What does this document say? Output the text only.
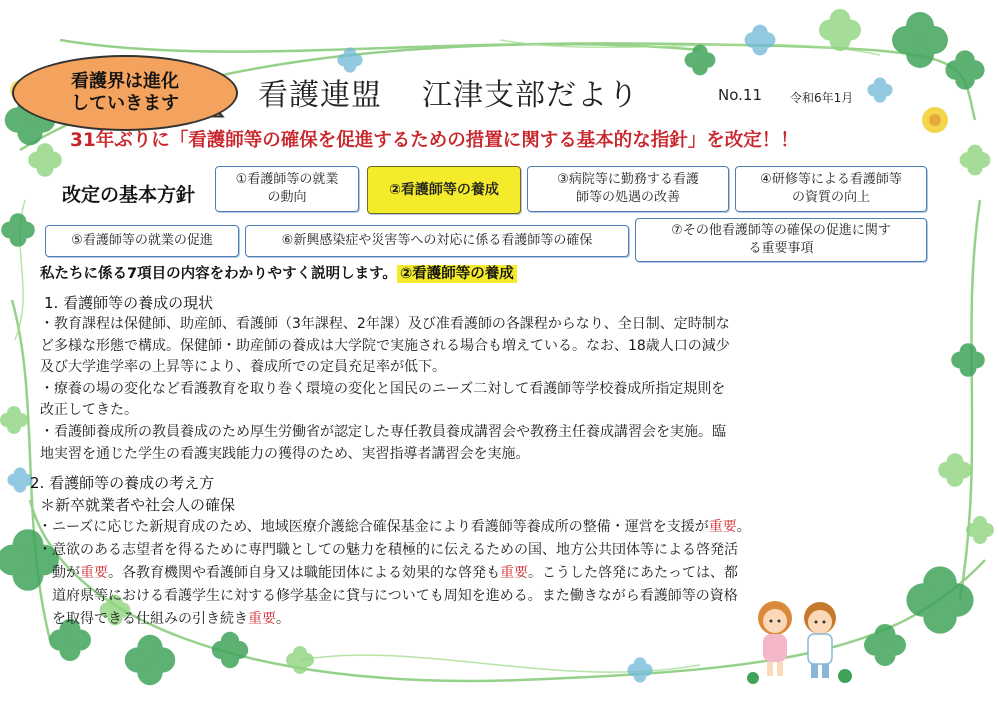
看護界は進化
していきます	看護連盟 江津支部だより	No.11 令和6年1月
31年ぶりに「看護師等の確保を促進するための措置に関する基本的な指針」を改定！！
改定の基本方針
①看護師等の就業
の動向	②看護師等の養成
③病院等に勤務する看護
師等の処遇の改善
④研修等による看護師等
の資質の向上
⑤看護師等の就業の促進	⑥新興感染症や災害等への対応に係る看護師等の確保
⑦その他看護師等の確保の促進に関す
る重要事項
私たちに係る7項目の内容をわかりやすく説明します。 ②看護師等の養成
1. 看護師等の養成の現状
・教育課程は保健師、助産師、看護師（3年課程、2年課）及び准看護師の各課程からなり、全日制、定時制な
ど多様な形態で構成。保健師・助産師の養成は大学院で実施される場合も増えている。なお、18歳人口の減少
及び大学進学率の上昇等により、養成所での定員充足率が低下。
・療養の場の変化など看護教育を取り巻く環境の変化と国民のニーズ二対して看護師等学校養成所指定規則を
改正してきた。
・看護師養成所の教員養成のため厚生労働省が認定した専任教員養成講習会や教務主任養成講習会を実施。臨
地実習を通じた学生の看護実践能力の獲得のため、実習指導者講習会を実施。
2. 看護師等の養成の考え方
＊新卒就業者や社会人の確保
・ニーズに応じた新規育成のため、地域医療介護総合確保基金により看護師等養成所の整備・運営を支援が重要。
・意欲のある志望者を得るために専門職としての魅力を積極的に伝えるための国、地方公共団体等による啓発活
動が重要。各教育機関や看護師自身又は職能団体による効果的な啓発も重要。こうした啓発にあたっては、都
道府県等における看護学生に対する修学基金に貸与についても周知を進める。また働きながら看護師等の資格
を取得できる仕組みの引き続き重要。
